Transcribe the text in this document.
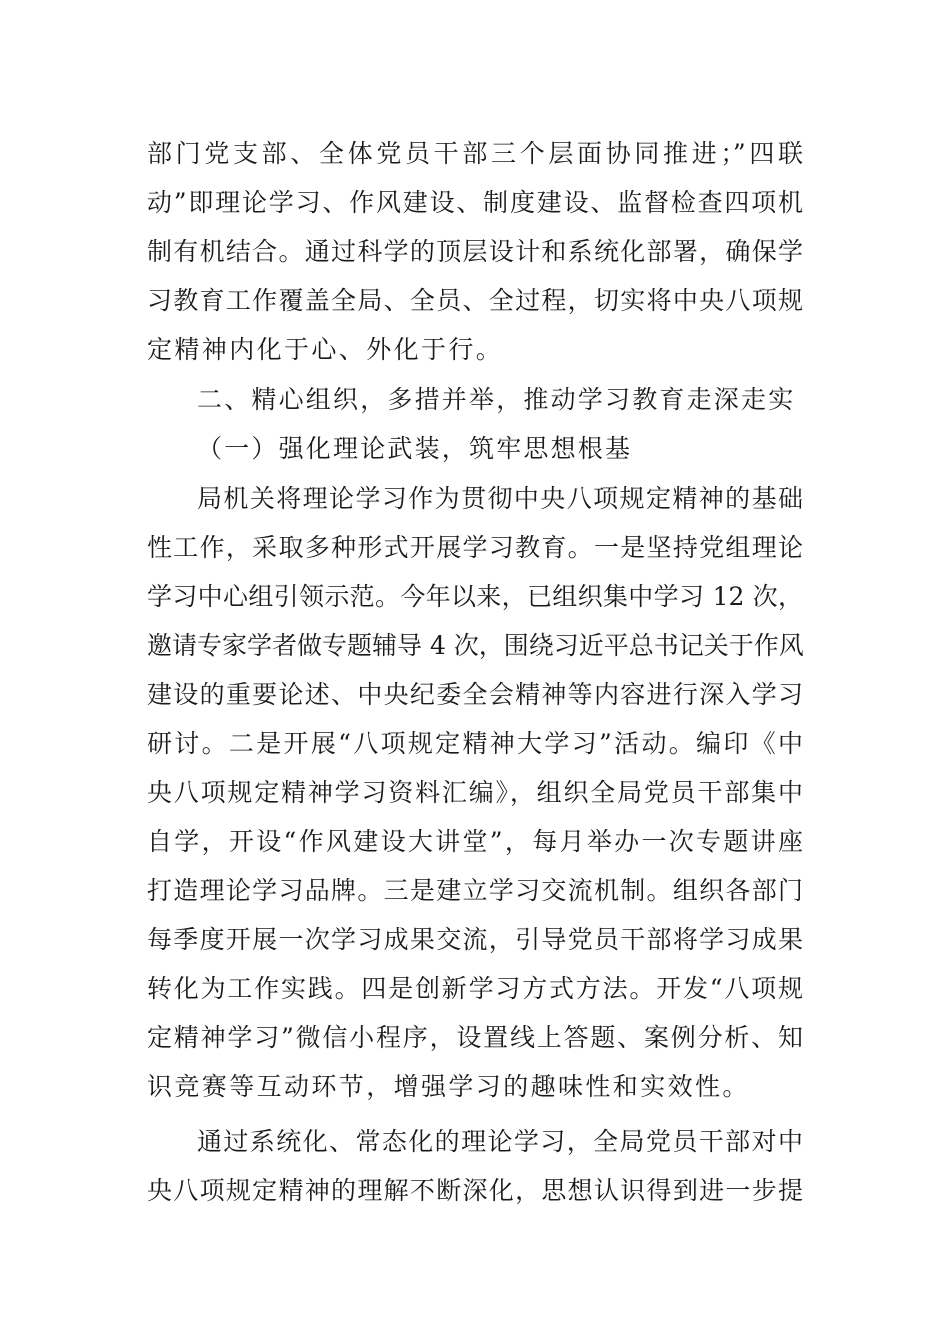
部门党支部、全体党员干部三个层面协同推进；”四联
动”即理论学习、作风建设、制度建设、监督检查四项机
制有机结合。通过科学的顶层设计和系统化部署，确保学
习教育工作覆盖全局、全员、全过程，切实将中央八项规
定精神内化于心、外化于行。
二、精心组织，多措并举，推动学习教育走深走实
（一）强化理论武装，筑牢思想根基
局机关将理论学习作为贯彻中央八项规定精神的基础
性工作，采取多种形式开展学习教育。一是坚持党组理论
学习中心组引领示范。今年以来，已组织集中学习 12 次，
邀请专家学者做专题辅导 4 次，围绕习近平总书记关于作风
建设的重要论述、中央纪委全会精神等内容进行深入学习
研讨。二是开展“八项规定精神大学习”活动。编印《中
央八项规定精神学习资料汇编》，组织全局党员干部集中
自学，开设“作风建设大讲堂”，每月举办一次专题讲座
打造理论学习品牌。三是建立学习交流机制。组织各部门
每季度开展一次学习成果交流，引导党员干部将学习成果
转化为工作实践。四是创新学习方式方法。开发“八项规
定精神学习”微信小程序，设置线上答题、案例分析、知
识竞赛等互动环节，增强学习的趣味性和实效性。
通过系统化、常态化的理论学习，全局党员干部对中
央八项规定精神的理解不断深化，思想认识得到进一步提
